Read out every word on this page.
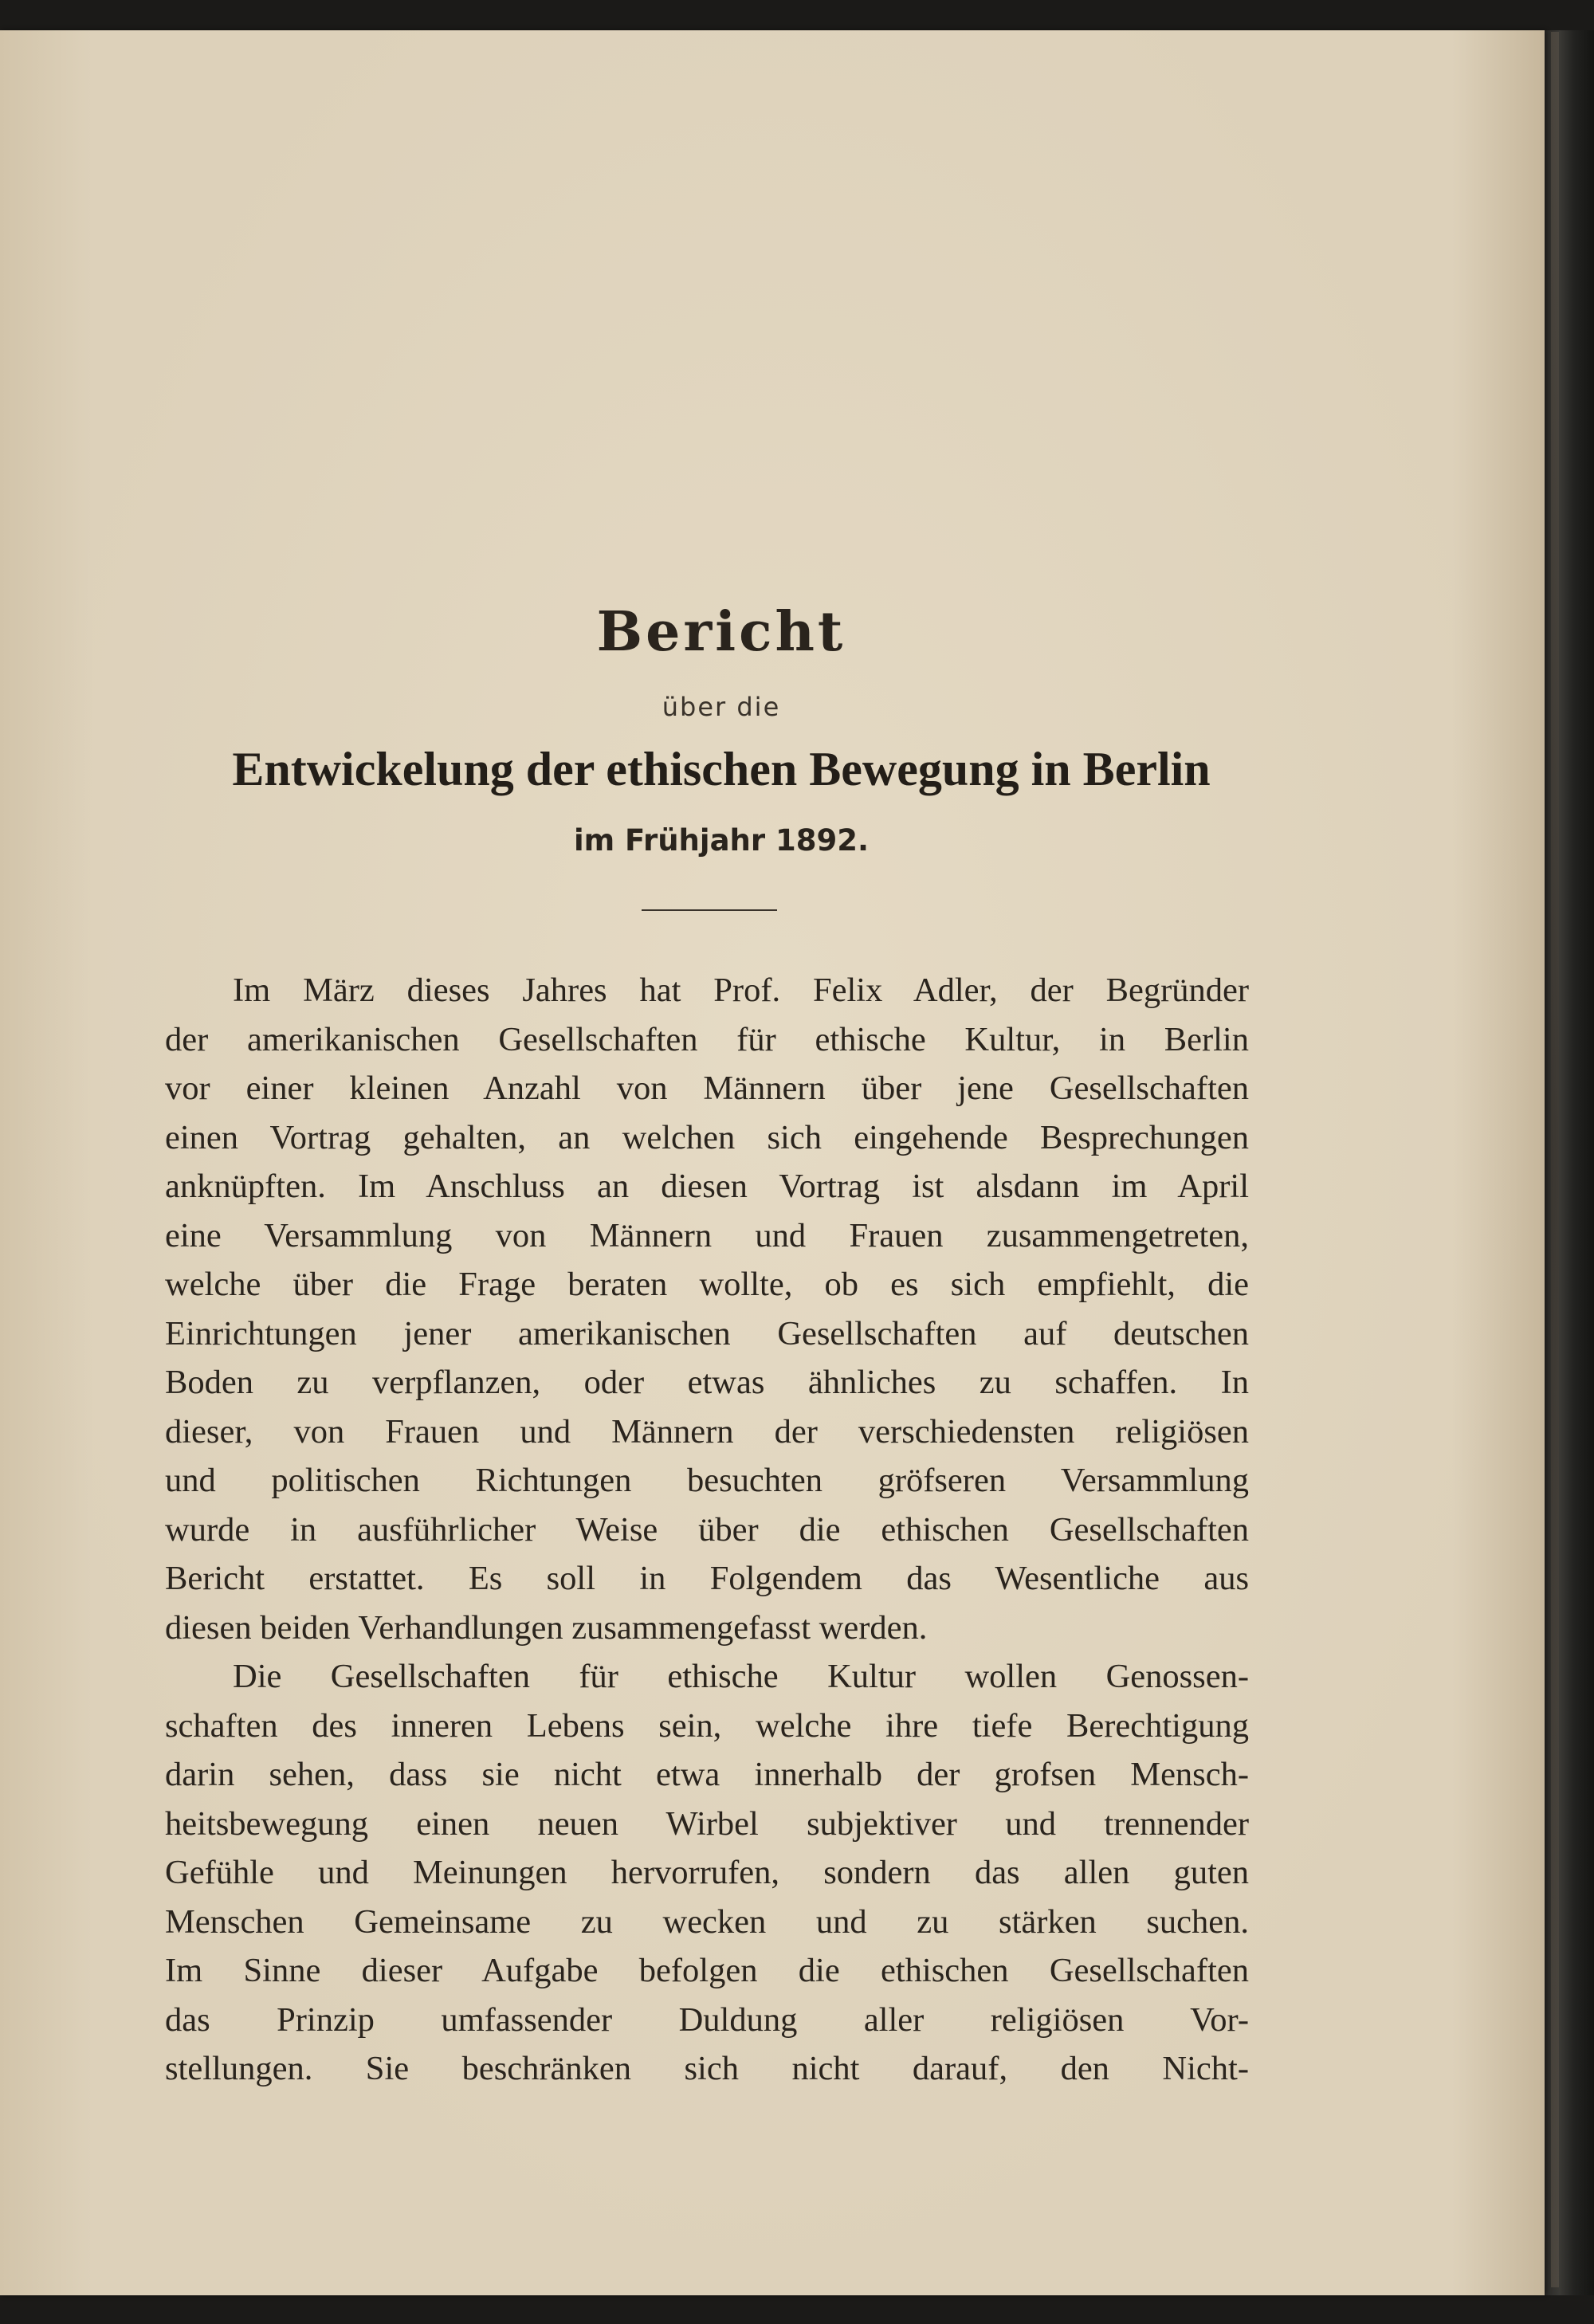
Bericht
über die
Entwickelung der ethischen Bewegung in Berlin
im Frühjahr 1892.
Im März dieses Jahres hat Prof. Felix Adler, der Begründer
der amerikanischen Gesellschaften für ethische Kultur, in Berlin
vor einer kleinen Anzahl von Männern über jene Gesellschaften
einen Vortrag gehalten, an welchen sich eingehende Besprechungen
anknüpften. Im Anschluss an diesen Vortrag ist alsdann im April
eine Versammlung von Männern und Frauen zusammengetreten,
welche über die Frage beraten wollte, ob es sich empfiehlt, die
Einrichtungen jener amerikanischen Gesellschaften auf deutschen
Boden zu verpflanzen, oder etwas ähnliches zu schaffen. In
dieser, von Frauen und Männern der verschiedensten religiösen
und politischen Richtungen besuchten gröfseren Versammlung
wurde in ausführlicher Weise über die ethischen Gesellschaften
Bericht erstattet. Es soll in Folgendem das Wesentliche aus
diesen beiden Verhandlungen zusammengefasst werden.
Die Gesellschaften für ethische Kultur wollen Genossen-
schaften des inneren Lebens sein, welche ihre tiefe Berechtigung
darin sehen, dass sie nicht etwa innerhalb der grofsen Mensch-
heitsbewegung einen neuen Wirbel subjektiver und trennender
Gefühle und Meinungen hervorrufen, sondern das allen guten
Menschen Gemeinsame zu wecken und zu stärken suchen.
Im Sinne dieser Aufgabe befolgen die ethischen Gesellschaften
das Prinzip umfassender Duldung aller religiösen Vor-
stellungen. Sie beschränken sich nicht darauf, den Nicht-
